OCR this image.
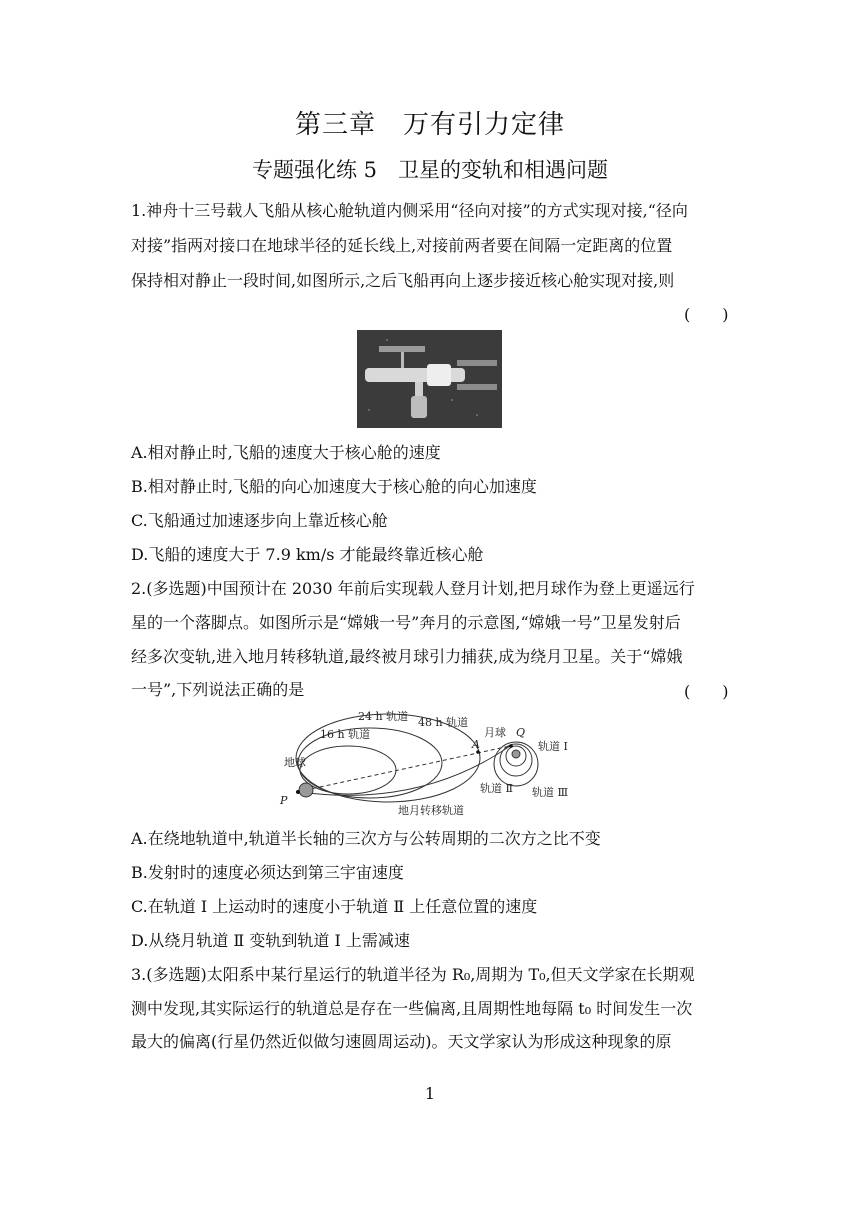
第三章　万有引力定律
专题强化练 5　卫星的变轨和相遇问题
1.神舟十三号载人飞船从核心舱轨道内侧采用“径向对接”的方式实现对接,“径向
对接”指两对接口在地球半径的延长线上,对接前两者要在间隔一定距离的位置
保持相对静止一段时间,如图所示,之后飞船再向上逐步接近核心舱实现对接,则
(　　)
A.相对静止时,飞船的速度大于核心舱的速度
B.相对静止时,飞船的向心加速度大于核心舱的向心加速度
C.飞船通过加速逐步向上靠近核心舱
D.飞船的速度大于 7.9 km/s 才能最终靠近核心舱
2.(多选题)中国预计在 2030 年前后实现载人登月计划,把月球作为登上更遥远行
星的一个落脚点。如图所示是“嫦娥一号”奔月的示意图,“嫦娥一号”卫星发射后
经多次变轨,进入地月转移轨道,最终被月球引力捕获,成为绕月卫星。关于“嫦娥
一号”,下列说法正确的是	(　　)
24 h 轨道 48 h 轨道
16 h 轨道	月球 Q
A	轨道 Ⅰ
地球
P
轨道 Ⅱ 轨道 Ⅲ
地月转移轨道
A.在绕地轨道中,轨道半长轴的三次方与公转周期的二次方之比不变
B.发射时的速度必须达到第三宇宙速度
C.在轨道 Ⅰ 上运动时的速度小于轨道 Ⅱ 上任意位置的速度
D.从绕月轨道 Ⅱ 变轨到轨道 Ⅰ 上需减速
3.(多选题)太阳系中某行星运行的轨道半径为 R₀,周期为 T₀,但天文学家在长期观
测中发现,其实际运行的轨道总是存在一些偏离,且周期性地每隔 t₀ 时间发生一次
最大的偏离(行星仍然近似做匀速圆周运动)。天文学家认为形成这种现象的原
1
